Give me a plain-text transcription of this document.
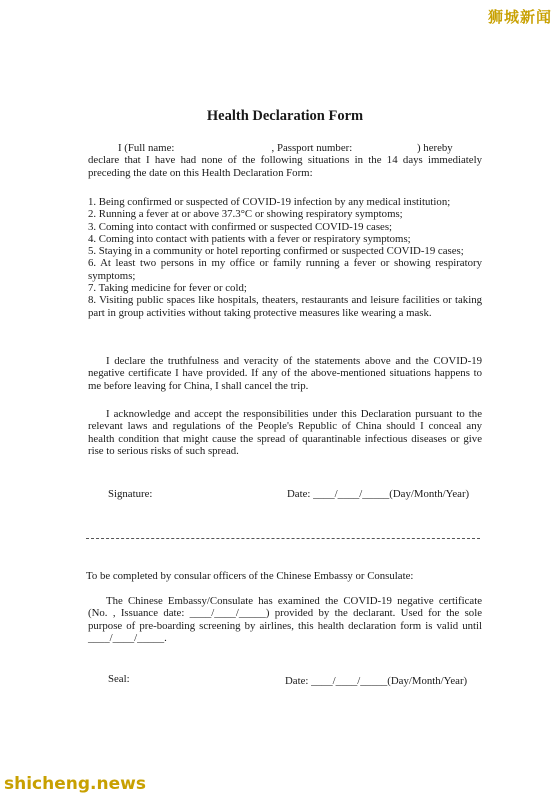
狮城新闻
Health Declaration Form

I (Full name:                                    , Passport number:                        ) hereby

declare that I have had none of the following situations in the 14 days immediately preceding the date on this Health Declaration Form:

1. Being confirmed or suspected of COVID-19 infection by any medical institution;

2. Running a fever at or above 37.3°C or showing respiratory symptoms;

3. Coming into contact with confirmed or suspected COVID-19 cases;

4. Coming into contact with patients with a fever or respiratory symptoms;

5. Staying in a community or hotel reporting confirmed or suspected COVID-19 cases;

6. At least two persons in my office or family running a fever or showing respiratory symptoms;

7. Taking medicine for fever or cold;

8. Visiting public spaces like hospitals, theaters, restaurants and leisure facilities or taking part in group activities without taking protective measures like wearing a mask.

I declare the truthfulness and veracity of the statements above and the COVID-19 negative certificate I have provided. If any of the above-mentioned situations happens to me before leaving for China, I shall cancel the trip.
I acknowledge and accept the responsibilities under this Declaration pursuant to the relevant laws and regulations of the People's Republic of China should I conceal any health condition that might cause the spread of quarantinable infectious diseases or give rise to serious risks of such spread.
Signature:	Date: ____/____/_____(Day/Month/Year)
To be completed by consular officers of the Chinese Embassy or Consulate:
The Chinese Embassy/Consulate has examined the COVID-19 negative certificate (No. , Issuance date: ____/____/_____) provided by the declarant. Used for the sole purpose of pre-boarding screening by airlines, this health declaration form is valid until ____/____/_____.
Seal:	Date: ____/____/_____(Day/Month/Year)
shicheng.news
